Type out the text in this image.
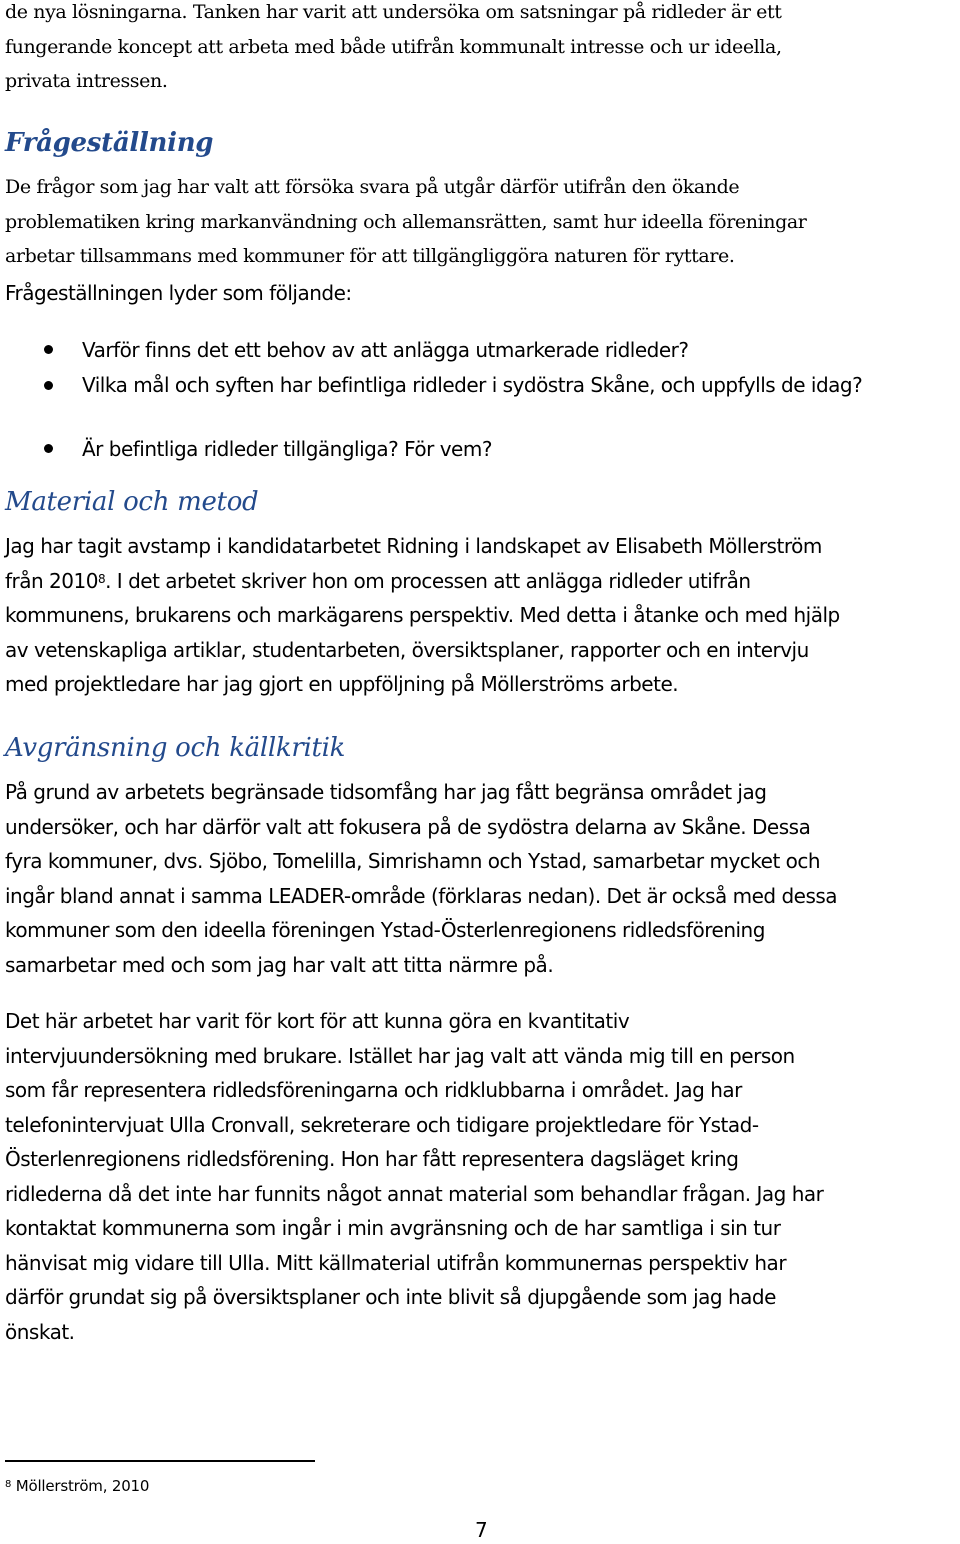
de nya lösningarna. Tanken har varit att undersöka om satsningar på ridleder är ett
fungerande koncept att arbeta med både utifrån kommunalt intresse och ur ideella,
privata intressen.
Frågeställning
De frågor som jag har valt att försöka svara på utgår därför utifrån den ökande
problematiken kring markanvändning och allemansrätten, samt hur ideella föreningar
arbetar tillsammans med kommuner för att tillgängliggöra naturen för ryttare.
Frågeställningen lyder som följande:
Varför finns det ett behov av att anlägga utmarkerade ridleder?
Vilka mål och syften har befintliga ridleder i sydöstra Skåne, och uppfylls de idag?
Är befintliga ridleder tillgängliga? För vem?
Material och metod
Jag har tagit avstamp i kandidatarbetet Ridning i landskapet av Elisabeth Möllerström
från 2010$^8$. I det arbetet skriver hon om processen att anlägga ridleder utifrån
kommunens, brukarens och markägarens perspektiv. Med detta i åtanke och med hjälp
av vetenskapliga artiklar, studentarbeten, översiktsplaner, rapporter och en intervju
med projektledare har jag gjort en uppföljning på Möllerströms arbete.
Avgränsning och källkritik
På grund av arbetets begränsade tidsomfång har jag fått begränsa området jag
undersöker, och har därför valt att fokusera på de sydöstra delarna av Skåne. Dessa
fyra kommuner, dvs. Sjöbo, Tomelilla, Simrishamn och Ystad, samarbetar mycket och
ingår bland annat i samma LEADER-område (förklaras nedan). Det är också med dessa
kommuner som den ideella föreningen Ystad-Österlenregionens ridledsförening
samarbetar med och som jag har valt att titta närmre på.
Det här arbetet har varit för kort för att kunna göra en kvantitativ
intervjuundersökning med brukare. Istället har jag valt att vända mig till en person
som får representera ridledsföreningarna och ridklubbarna i området. Jag har
telefonintervjuat Ulla Cronvall, sekreterare och tidigare projektledare för Ystad-
Österlenregionens ridledsförening. Hon har fått representera dagsläget kring
ridlederna då det inte har funnits något annat material som behandlar frågan. Jag har
kontaktat kommunerna som ingår i min avgränsning och de har samtliga i sin tur
hänvisat mig vidare till Ulla. Mitt källmaterial utifrån kommunernas perspektiv har
därför grundat sig på översiktsplaner och inte blivit så djupgående som jag hade
önskat.
$^8$ Möllerström, 2010
7
